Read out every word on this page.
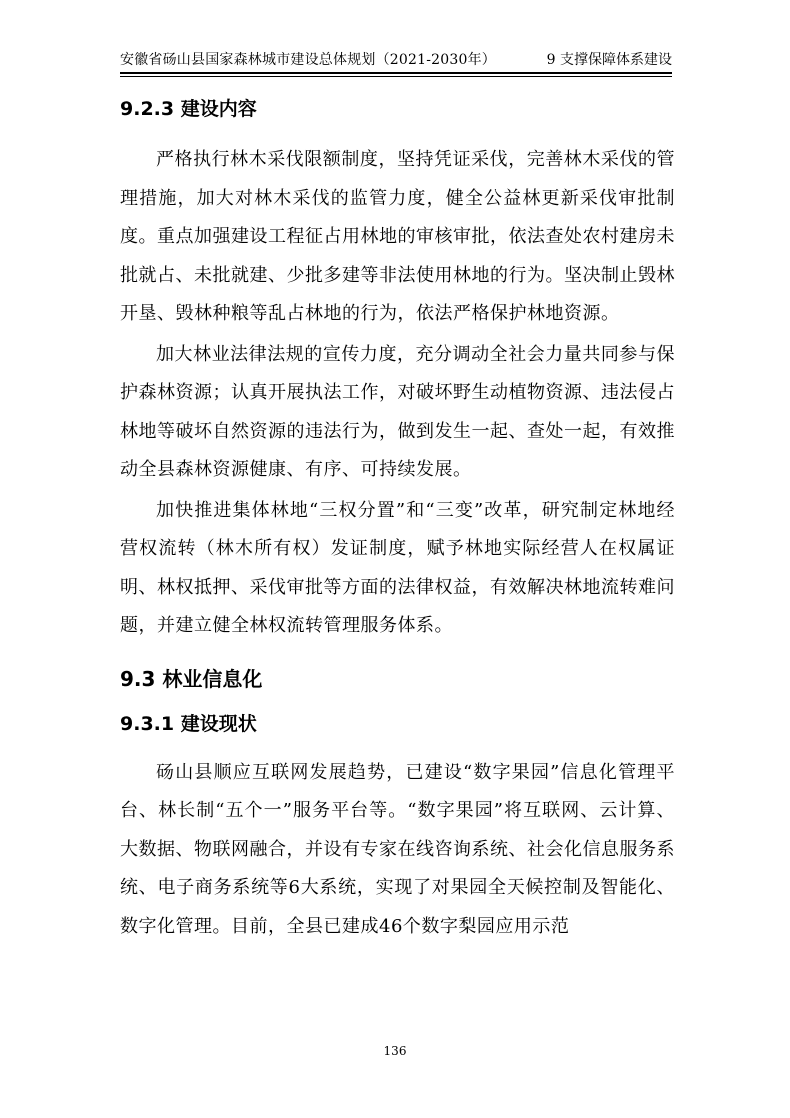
安徽省砀山县国家森林城市建设总体规划（2021-2030年）	9 支撑保障体系建设
9.2.3 建设内容

严格执行林木采伐限额制度，坚持凭证采伐，完善林木采伐的管理措施，加大对林木采伐的监管力度，健全公益林更新采伐审批制度。重点加强建设工程征占用林地的审核审批，依法查处农村建房未批就占、未批就建、少批多建等非法使用林地的行为。坚决制止毁林开垦、毁林种粮等乱占林地的行为，依法严格保护林地资源。

加大林业法律法规的宣传力度，充分调动全社会力量共同参与保护森林资源；认真开展执法工作，对破坏野生动植物资源、违法侵占林地等破坏自然资源的违法行为，做到发生一起、查处一起，有效推动全县森林资源健康、有序、可持续发展。

加快推进集体林地“三权分置”和“三变”改革，研究制定林地经营权流转（林木所有权）发证制度，赋予林地实际经营人在权属证明、林权抵押、采伐审批等方面的法律权益，有效解决林地流转难问题，并建立健全林权流转管理服务体系。

9.3 林业信息化
9.3.1 建设现状

砀山县顺应互联网发展趋势，已建设“数字果园”信息化管理平台、林长制“五个一”服务平台等。“数字果园”将互联网、云计算、大数据、物联网融合，并设有专家在线咨询系统、社会化信息服务系统、电子商务系统等6大系统，实现了对果园全天候控制及智能化、数字化管理。目前，全县已建成46个数字梨园应用示范

136
